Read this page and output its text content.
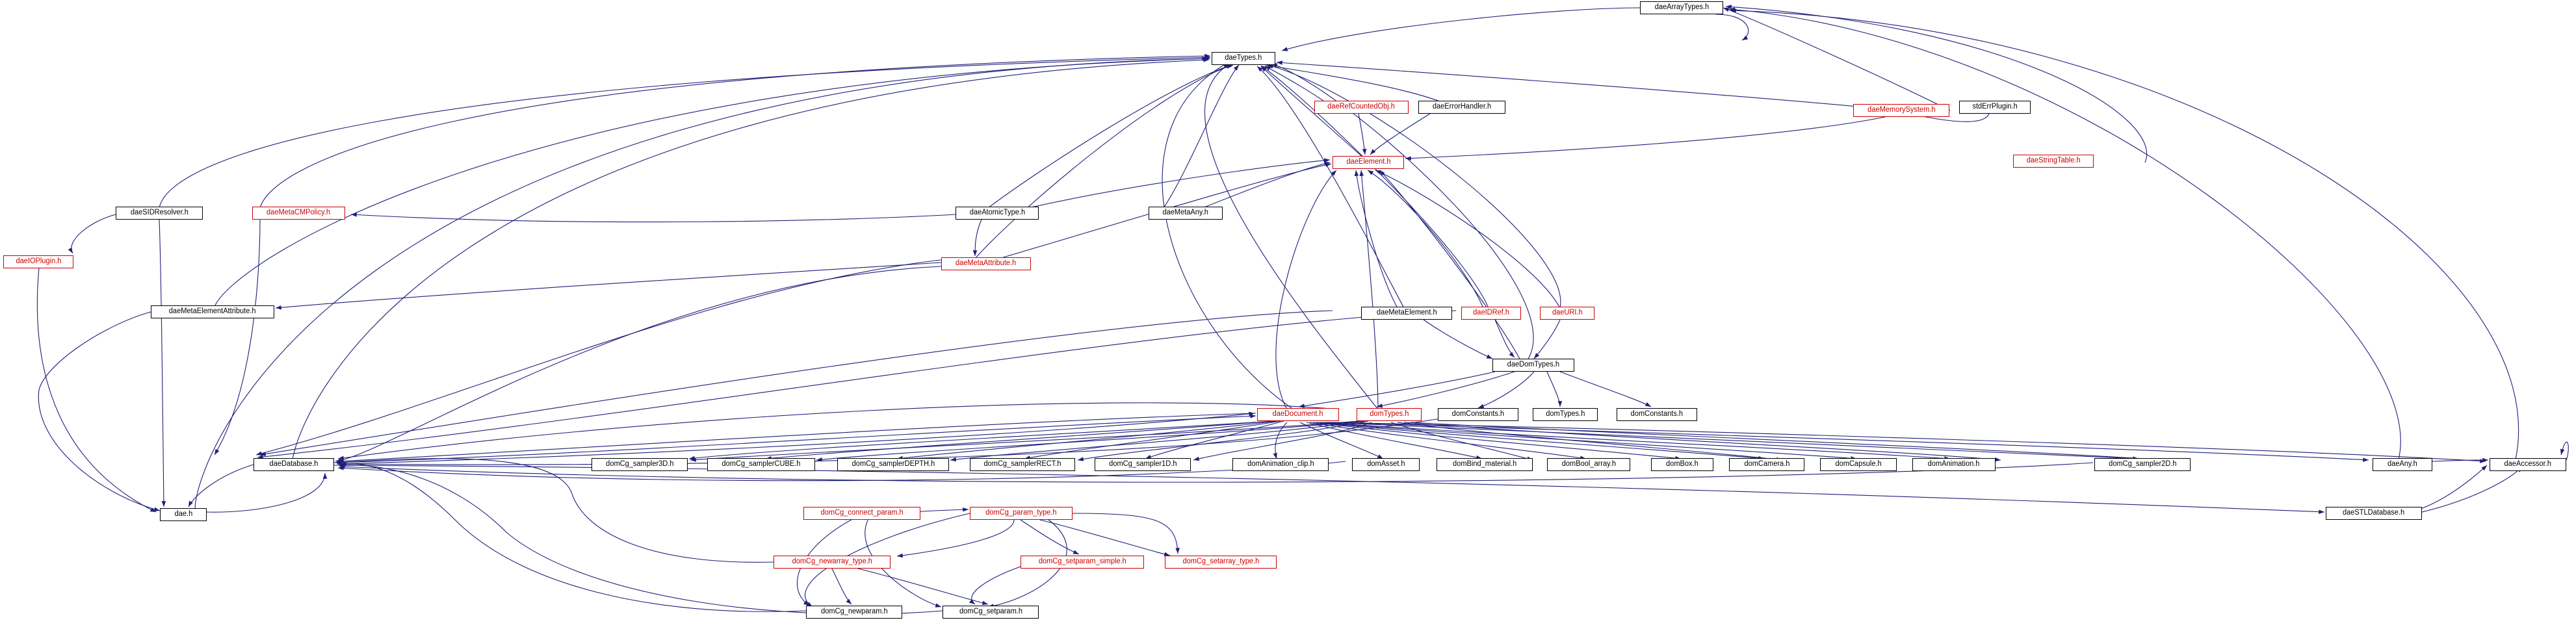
daeArrayTypes.h
daeTypes.h
daeRefCountedObj.h	daeErrorHandler.h	daeMemorySystem.h	stdErrPlugin.h
daeStringTable.h
daeElement.h
daeSIDResolver.h	daeMetaCMPolicy.h	daeAtomicType.h	daeMetaAny.h
daeIOPlugin.h	daeMetaAttribute.h
daeMetaElementAttribute.h	daeMetaElement.h	daeIDRef.h	daeURI.h
daeDomTypes.h
daeDocument.h	domTypes.h	domConstants.h	domTypes.h	domConstants.h
daeDatabase.h	domCg_sampler3D.h	domCg_samplerCUBE.h	domCg_samplerDEPTH.h	domCg_samplerRECT.h	domCg_sampler1D.h	domAnimation_clip.h	domAsset.h	domBind_material.h	domBool_array.h	domBox.h	domCamera.h	domCapsule.h	domAnimation.h	domCg_sampler2D.h	daeAny.h	daeAccessor.h
dae.h	domCg_connect_param.h	domCg_param_type.h	daeSTLDatabase.h
domCg_newarray_type.h	domCg_setparam_simple.h	domCg_setarray_type.h
domCg_newparam.h	domCg_setparam.h
